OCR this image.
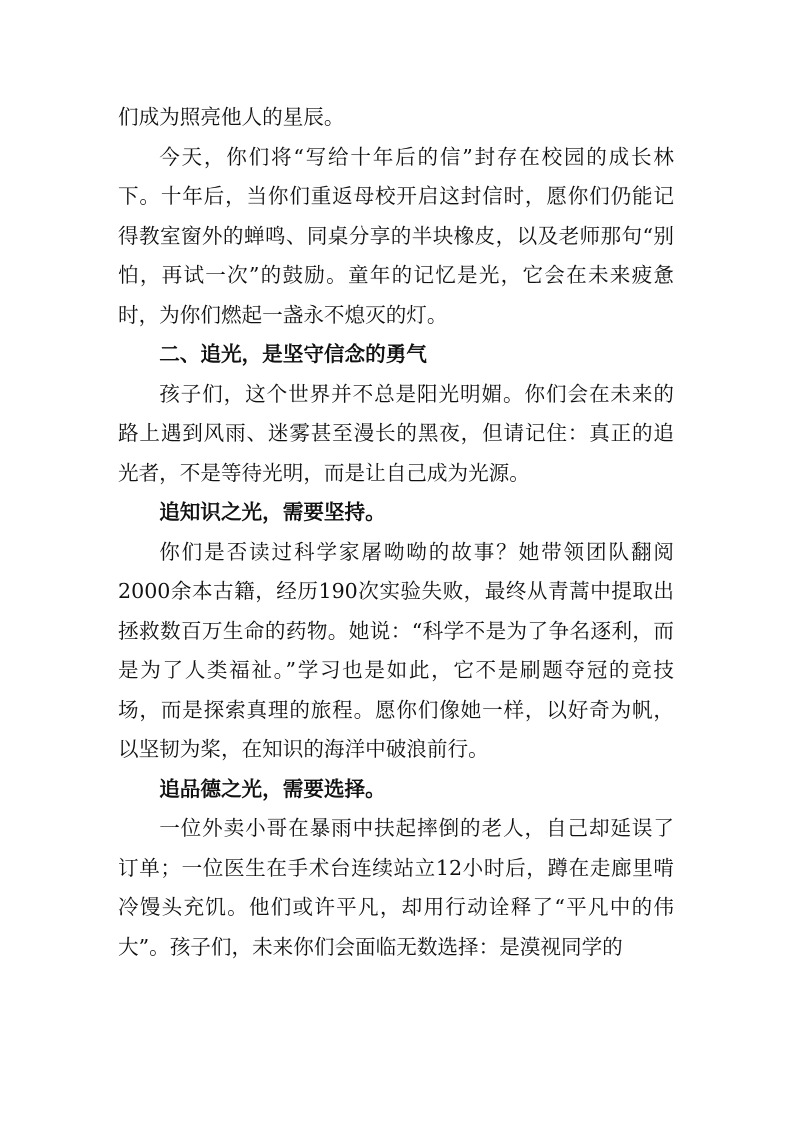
们成为照亮他人的星辰。

今天，你们将“写给十年后的信”封存在校园的成长林下。十年后，当你们重返母校开启这封信时，愿你们仍能记得教室窗外的蝉鸣、同桌分享的半块橡皮，以及老师那句“别怕，再试一次”的鼓励。童年的记忆是光，它会在未来疲惫时，为你们燃起一盏永不熄灭的灯。

二、追光，是坚守信念的勇气

孩子们，这个世界并不总是阳光明媚。你们会在未来的路上遇到风雨、迷雾甚至漫长的黑夜，但请记住：真正的追光者，不是等待光明，而是让自己成为光源。

追知识之光，需要坚持。

你们是否读过科学家屠呦呦的故事？她带领团队翻阅2000余本古籍，经历190次实验失败，最终从青蒿中提取出拯救数百万生命的药物。她说：“科学不是为了争名逐利，而是为了人类福祉。”学习也是如此，它不是刷题夺冠的竞技场，而是探索真理的旅程。愿你们像她一样，以好奇为帆，以坚韧为桨，在知识的海洋中破浪前行。

追品德之光，需要选择。

一位外卖小哥在暴雨中扶起摔倒的老人，自己却延误了订单；一位医生在手术台连续站立12小时后，蹲在走廊里啃冷馒头充饥。他们或许平凡，却用行动诠释了“平凡中的伟大”。孩子们，未来你们会面临无数选择：是漠视同学的
